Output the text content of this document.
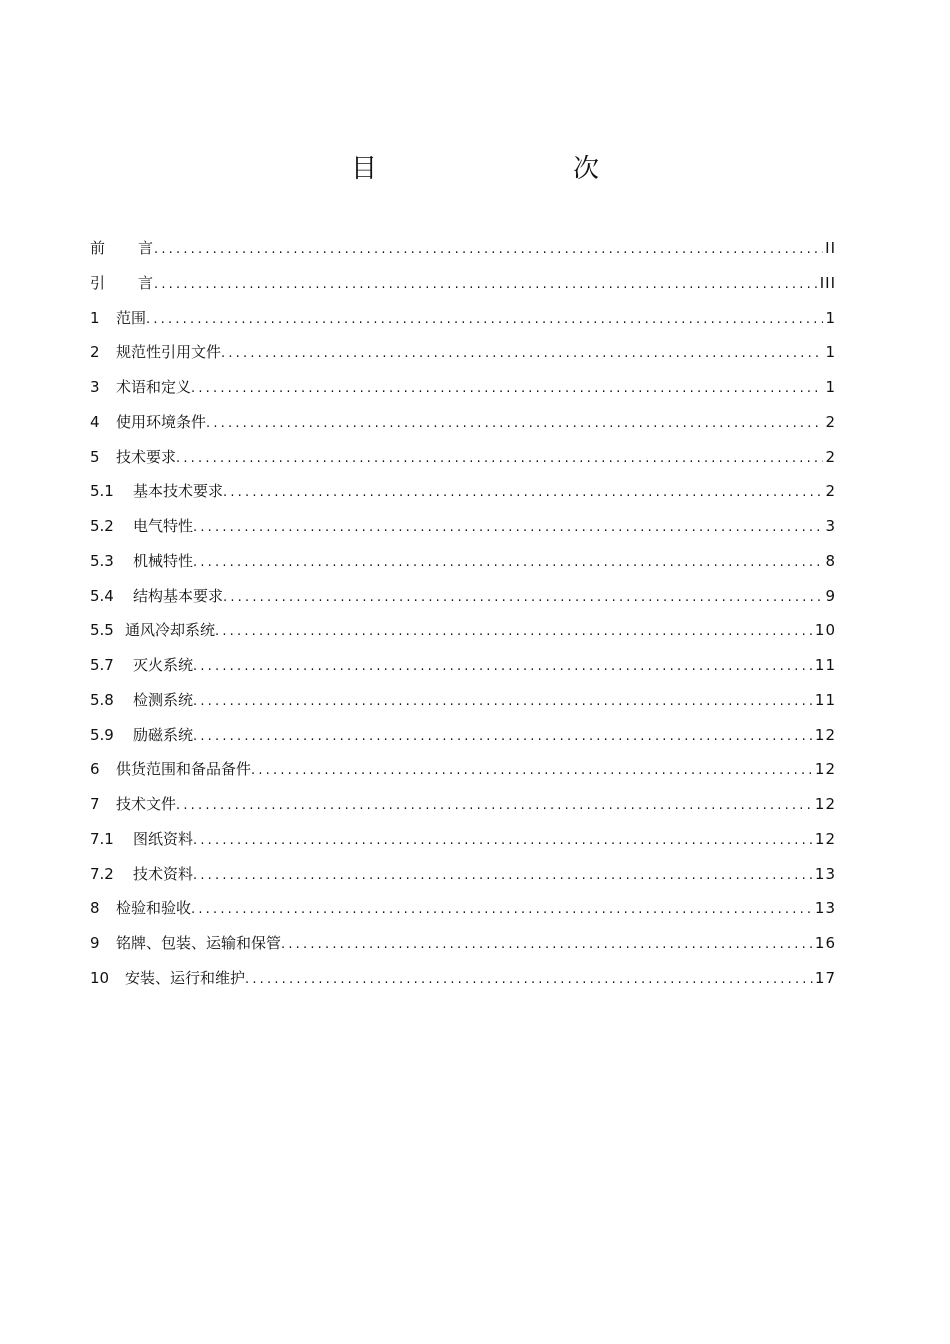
目　　次
前　　言 .....	II
引　　言 .....	III
1	范围 .....	1
2	规范性引用文件 .....	1
3	术语和定义 .....	1
4	使用环境条件 .....	2
5	技术要求 .....	2
5.1	基本技术要求 .....	2
5.2	电气特性 .....	3
5.3	机械特性 .....	8
5.4	结构基本要求 .....	9
5.5 通风冷却系统 .....	10
5.7	灭火系统 .....	11
5.8	检测系统 .....	11
5.9	励磁系统 .....	12
6	供货范围和备品备件 .....	12
7	技术文件 .....	12
7.1	图纸资料 .....	12
7.2	技术资料 .....	13
8	检验和验收 .....	13
9	铭牌、包装、运输和保管 .....	16
10	安装、运行和维护 .....	17
